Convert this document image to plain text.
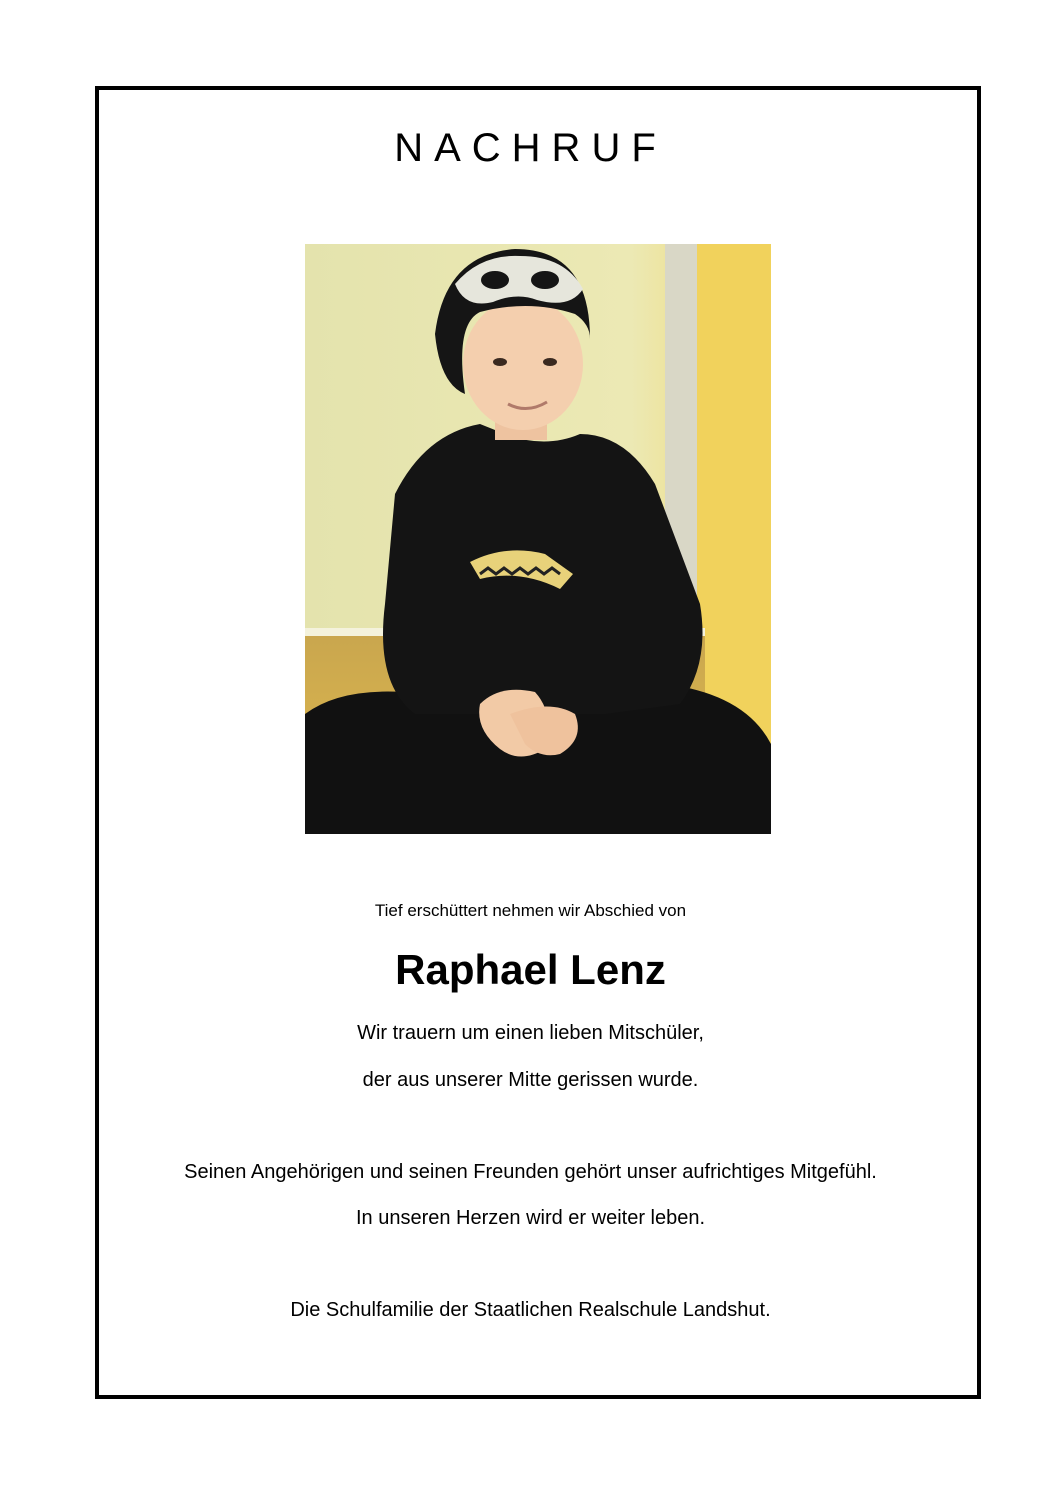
NACHRUF
Tief erschüttert nehmen wir Abschied von
Raphael Lenz
Wir trauern um einen lieben Mitschüler,
der aus unserer Mitte gerissen wurde.
Seinen Angehörigen und seinen Freunden gehört unser aufrichtiges Mitgefühl.
In unseren Herzen wird er weiter leben.
Die Schulfamilie der Staatlichen Realschule Landshut.
